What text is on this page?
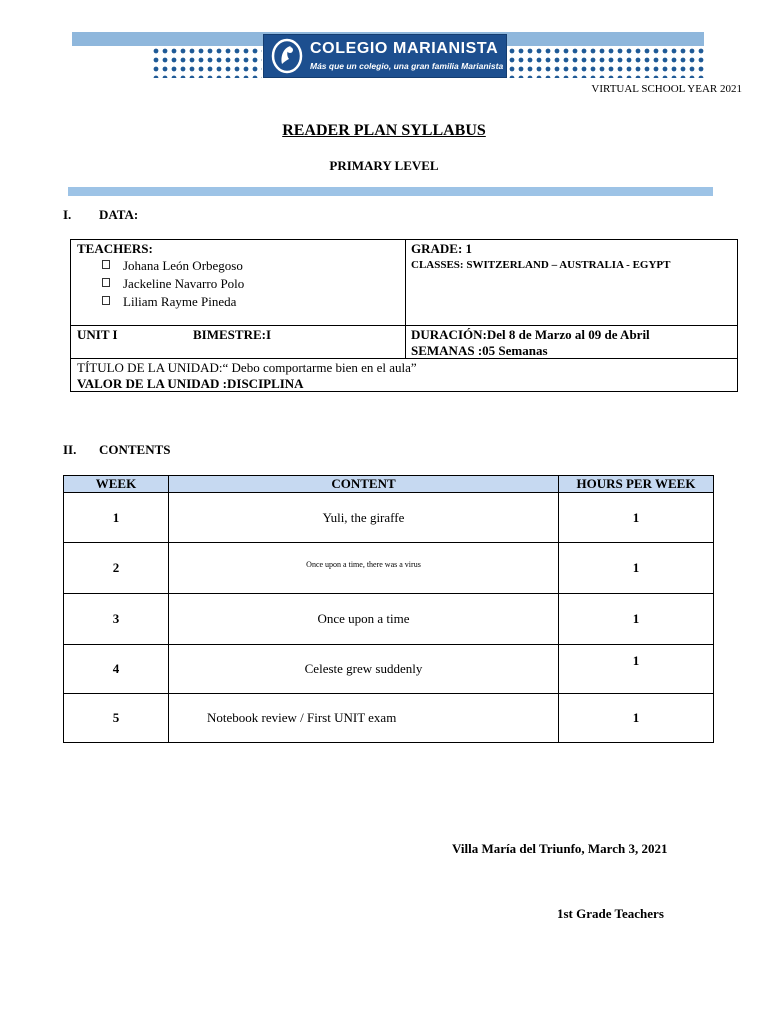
COLEGIO MARIANISTA
Más que un colegio, una gran familia Marianista
VIRTUAL SCHOOL YEAR 2021
READER PLAN SYLLABUS
PRIMARY LEVEL
I. DATA:
TEACHERS:
Johana León Orbegoso
Jackeline Navarro Polo
Liliam Rayme Pineda
GRADE: 1
CLASSES: SWITZERLAND – AUSTRALIA - EGYPT
UNIT I	BIMESTRE:I	DURACIÓN:Del 8 de Marzo al 09 de Abril
SEMANAS :05 Semanas
TÍTULO DE LA UNIDAD:“ Debo comportarme bien en el aula”
VALOR DE LA UNIDAD :DISCIPLINA
II. CONTENTS
WEEK	CONTENT	HOURS PER WEEK
1	Yuli, the giraffe	1
2	Once upon a time, there was a virus	1
3	Once upon a time	1
4	Celeste grew suddenly	1
5	Notebook review / First UNIT exam	1
Villa María del Triunfo, March 3, 2021
1st Grade Teachers
